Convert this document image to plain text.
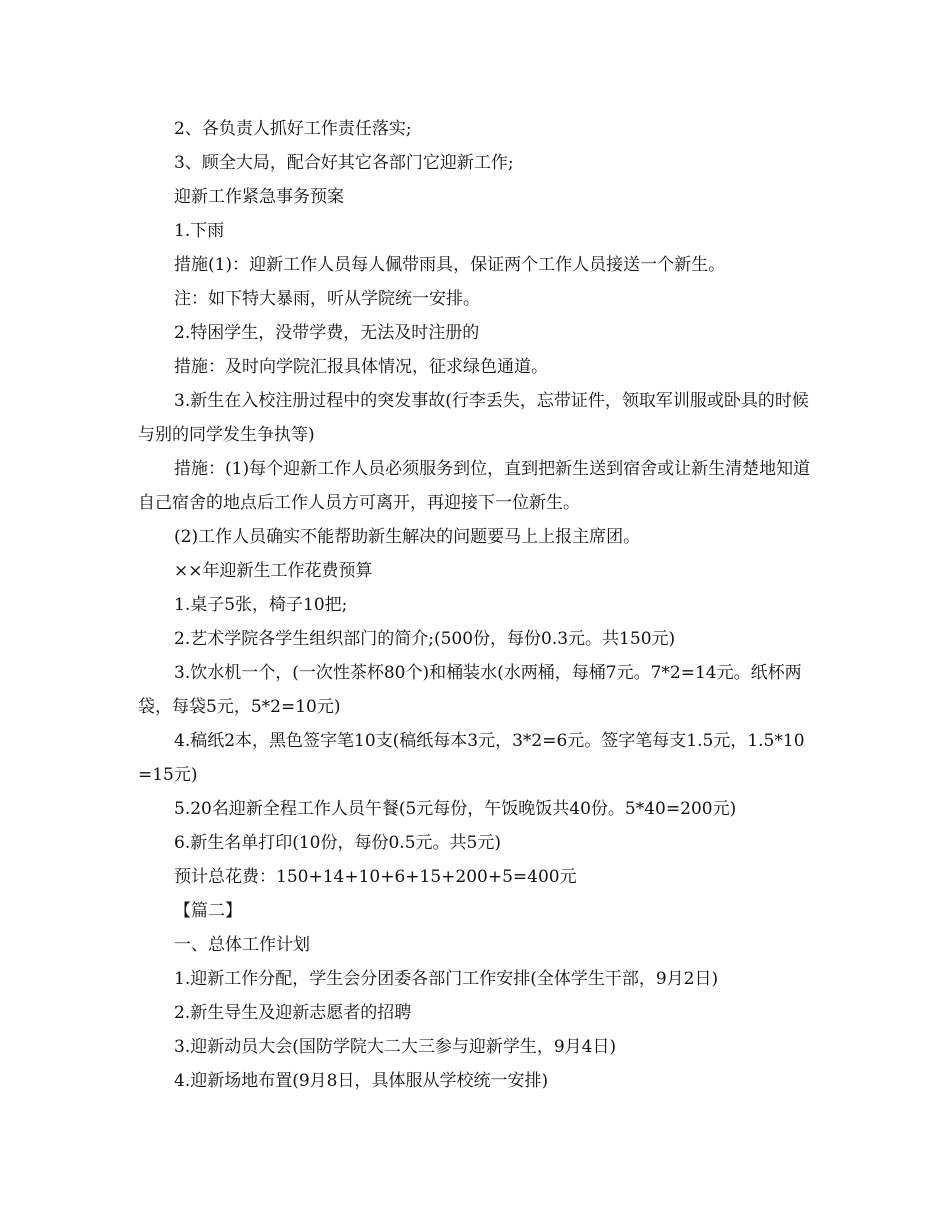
2、各负责人抓好工作责任落实;

3、顾全大局，配合好其它各部门它迎新工作;

迎新工作紧急事务预案

1.下雨

措施(1)：迎新工作人员每人佩带雨具，保证两个工作人员接送一个新生。

注：如下特大暴雨，听从学院统一安排。

2.特困学生，没带学费，无法及时注册的

措施：及时向学院汇报具体情况，征求绿色通道。

3.新生在入校注册过程中的突发事故(行李丢失，忘带证件，领取军训服或卧具的时候与别的同学发生争执等)

措施：(1)每个迎新工作人员必须服务到位，直到把新生送到宿舍或让新生清楚地知道自己宿舍的地点后工作人员方可离开，再迎接下一位新生。

(2)工作人员确实不能帮助新生解决的问题要马上上报主席团。

××年迎新生工作花费预算

1.桌子5张，椅子10把;

2.艺术学院各学生组织部门的简介;(500份，每份0.3元。共150元)

3.饮水机一个，(一次性茶杯80个)和桶装水(水两桶，每桶7元。7*2=14元。纸杯两袋，每袋5元，5*2=10元)

4.稿纸2本，黑色签字笔10支(稿纸每本3元，3*2=6元。签字笔每支1.5元，1.5*10=15元)

5.20名迎新全程工作人员午餐(5元每份，午饭晚饭共40份。5*40=200元)

6.新生名单打印(10份，每份0.5元。共5元)

预计总花费：150+14+10+6+15+200+5=400元

【篇二】

一、总体工作计划

1.迎新工作分配，学生会分团委各部门工作安排(全体学生干部，9月2日)

2.新生导生及迎新志愿者的招聘

3.迎新动员大会(国防学院大二大三参与迎新学生，9月4日)

4.迎新场地布置(9月8日，具体服从学校统一安排)
